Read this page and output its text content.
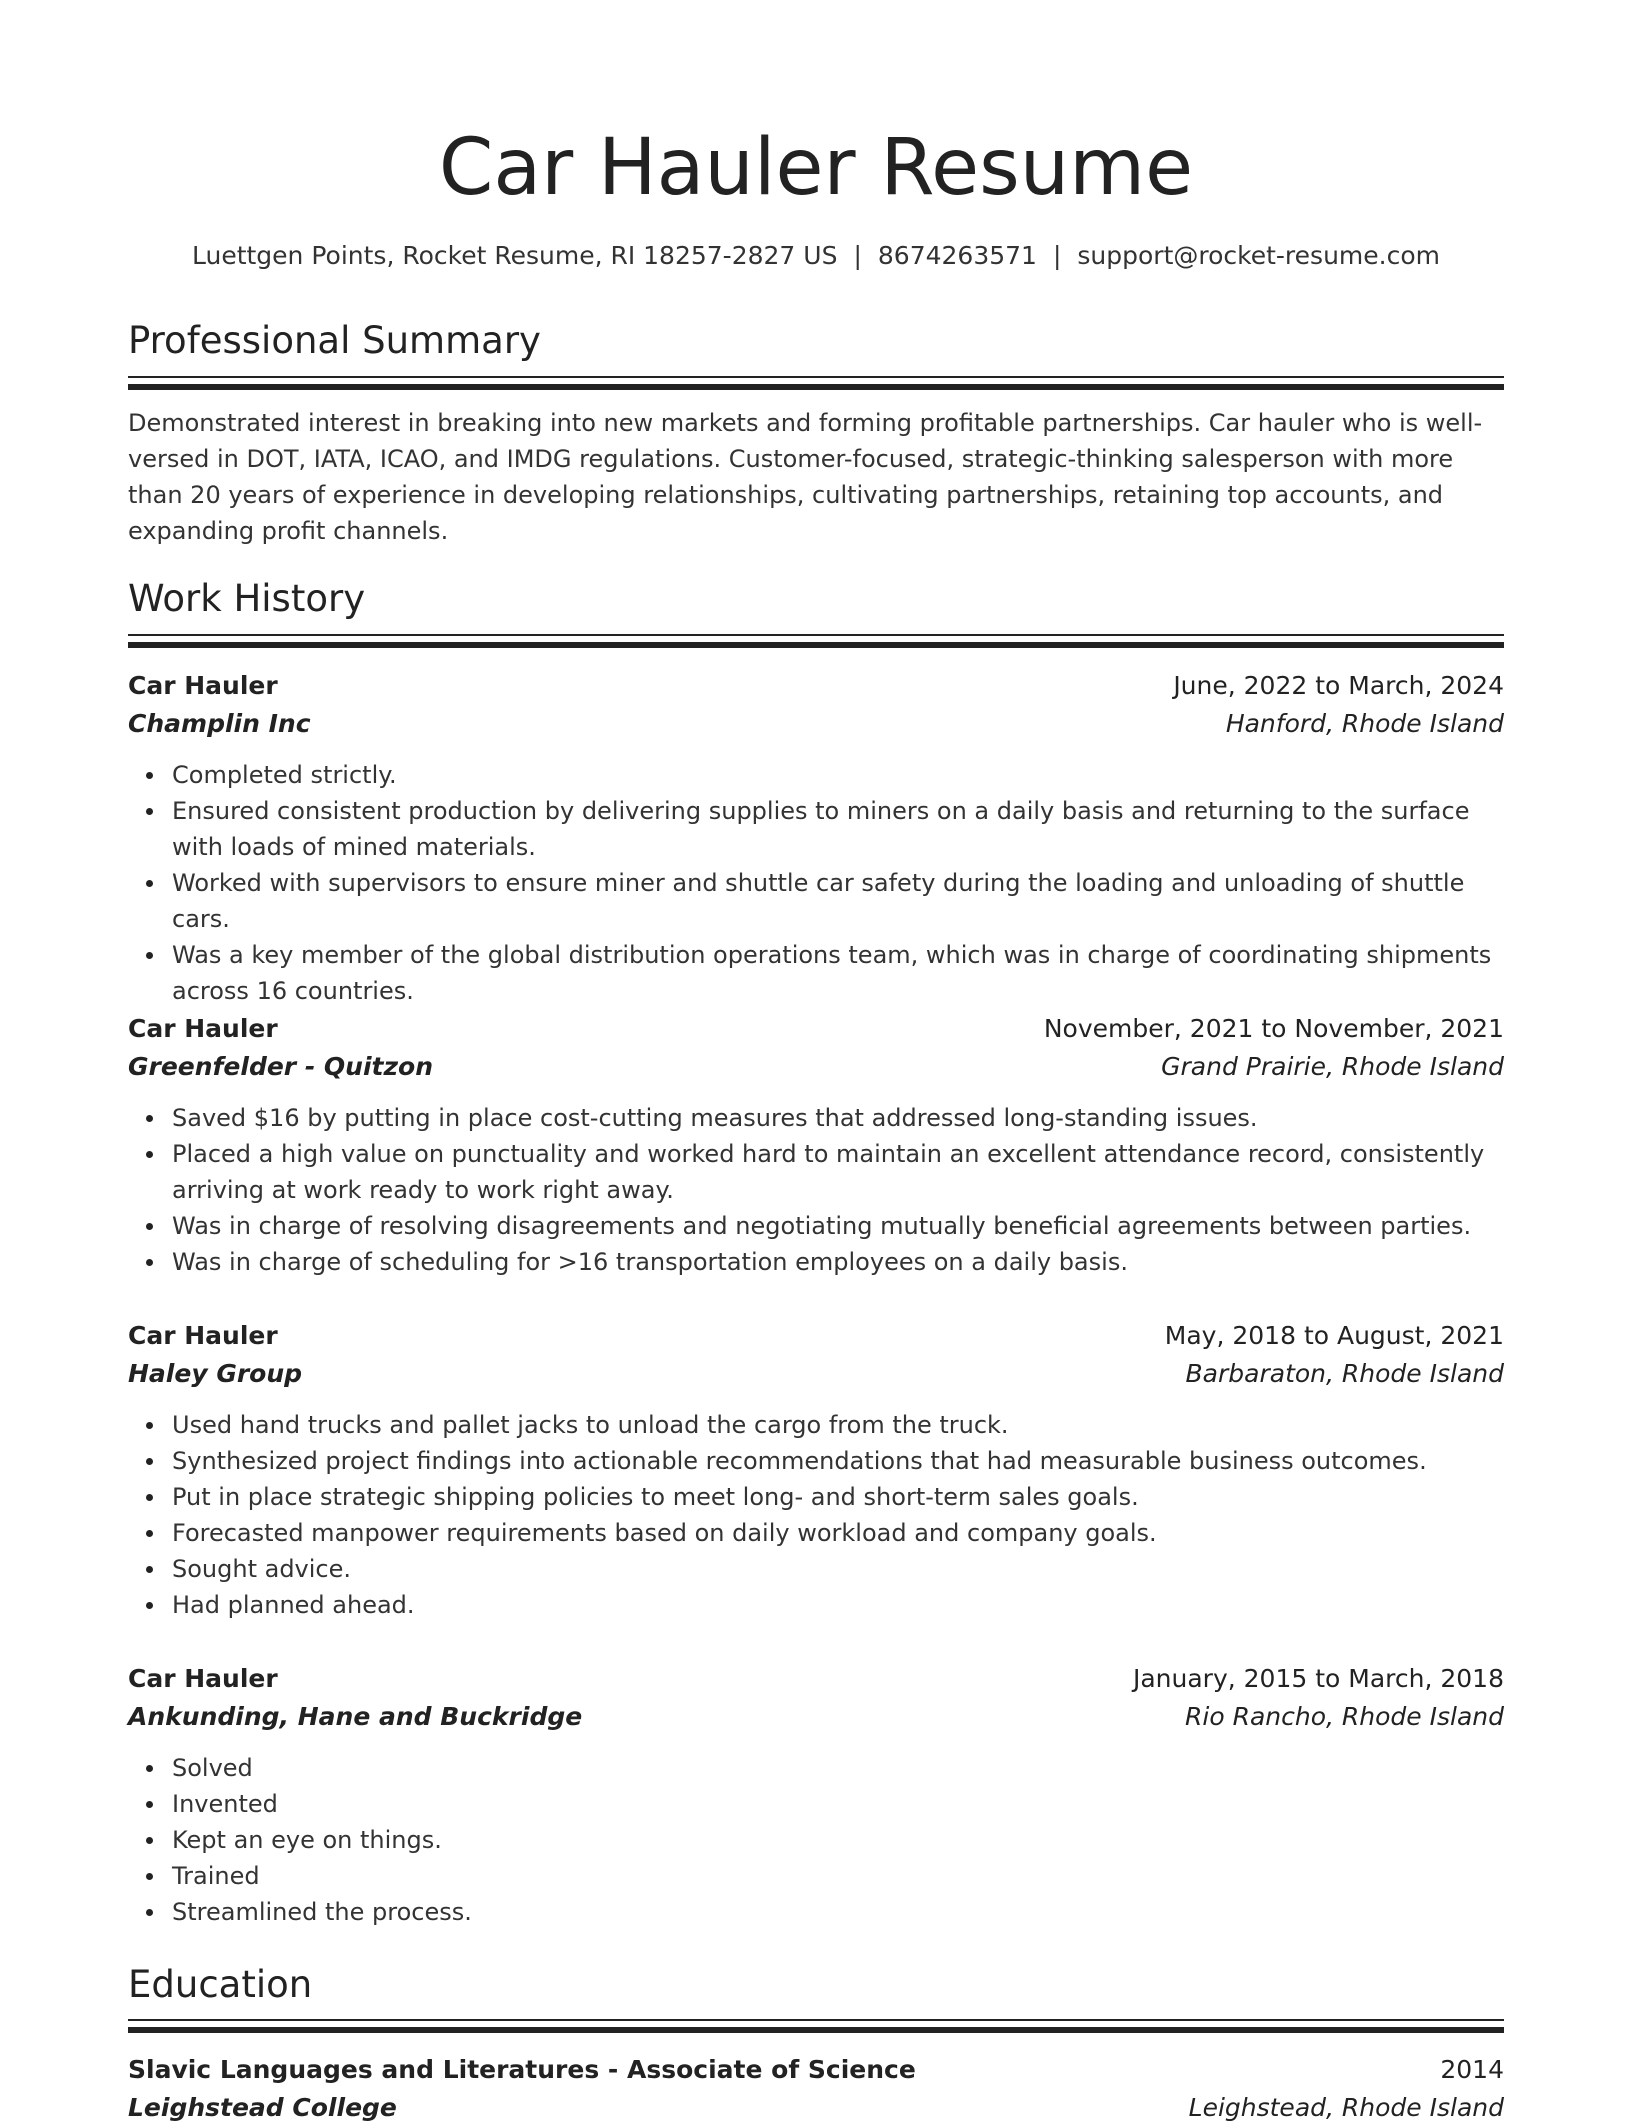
Car Hauler Resume
Luettgen Points, Rocket Resume, RI 18257-2827 US | 8674263571 | support@rocket-resume.com
Professional Summary

Demonstrated interest in breaking into new markets and forming profitable partnerships. Car hauler who is well-versed in DOT, IATA, ICAO, and IMDG regulations. Customer-focused, strategic-thinking salesperson with more than 20 years of experience in developing relationships, cultivating partnerships, retaining top accounts, and expanding profit channels.

Work History
Car Hauler	June, 2022 to March, 2024
Champlin Inc	Hanford, Rhode Island
Completed strictly.
Ensured consistent production by delivering supplies to miners on a daily basis and returning to the surface with loads of mined materials.
Worked with supervisors to ensure miner and shuttle car safety during the loading and unloading of shuttle cars.
Was a key member of the global distribution operations team, which was in charge of coordinating shipments across 16 countries.
Car Hauler	November, 2021 to November, 2021
Greenfelder - Quitzon	Grand Prairie, Rhode Island
Saved $16 by putting in place cost-cutting measures that addressed long-standing issues.
Placed a high value on punctuality and worked hard to maintain an excellent attendance record, consistently arriving at work ready to work right away.
Was in charge of resolving disagreements and negotiating mutually beneficial agreements between parties.
Was in charge of scheduling for >16 transportation employees on a daily basis.
Car Hauler	May, 2018 to August, 2021
Haley Group	Barbaraton, Rhode Island
Used hand trucks and pallet jacks to unload the cargo from the truck.
Synthesized project findings into actionable recommendations that had measurable business outcomes.
Put in place strategic shipping policies to meet long- and short-term sales goals.
Forecasted manpower requirements based on daily workload and company goals.
Sought advice.
Had planned ahead.
Car Hauler	January, 2015 to March, 2018
Ankunding, Hane and Buckridge	Rio Rancho, Rhode Island
Solved
Invented
Kept an eye on things.
Trained
Streamlined the process.
Education
Slavic Languages and Literatures - Associate of Science	2014
Leighstead College	Leighstead, Rhode Island
